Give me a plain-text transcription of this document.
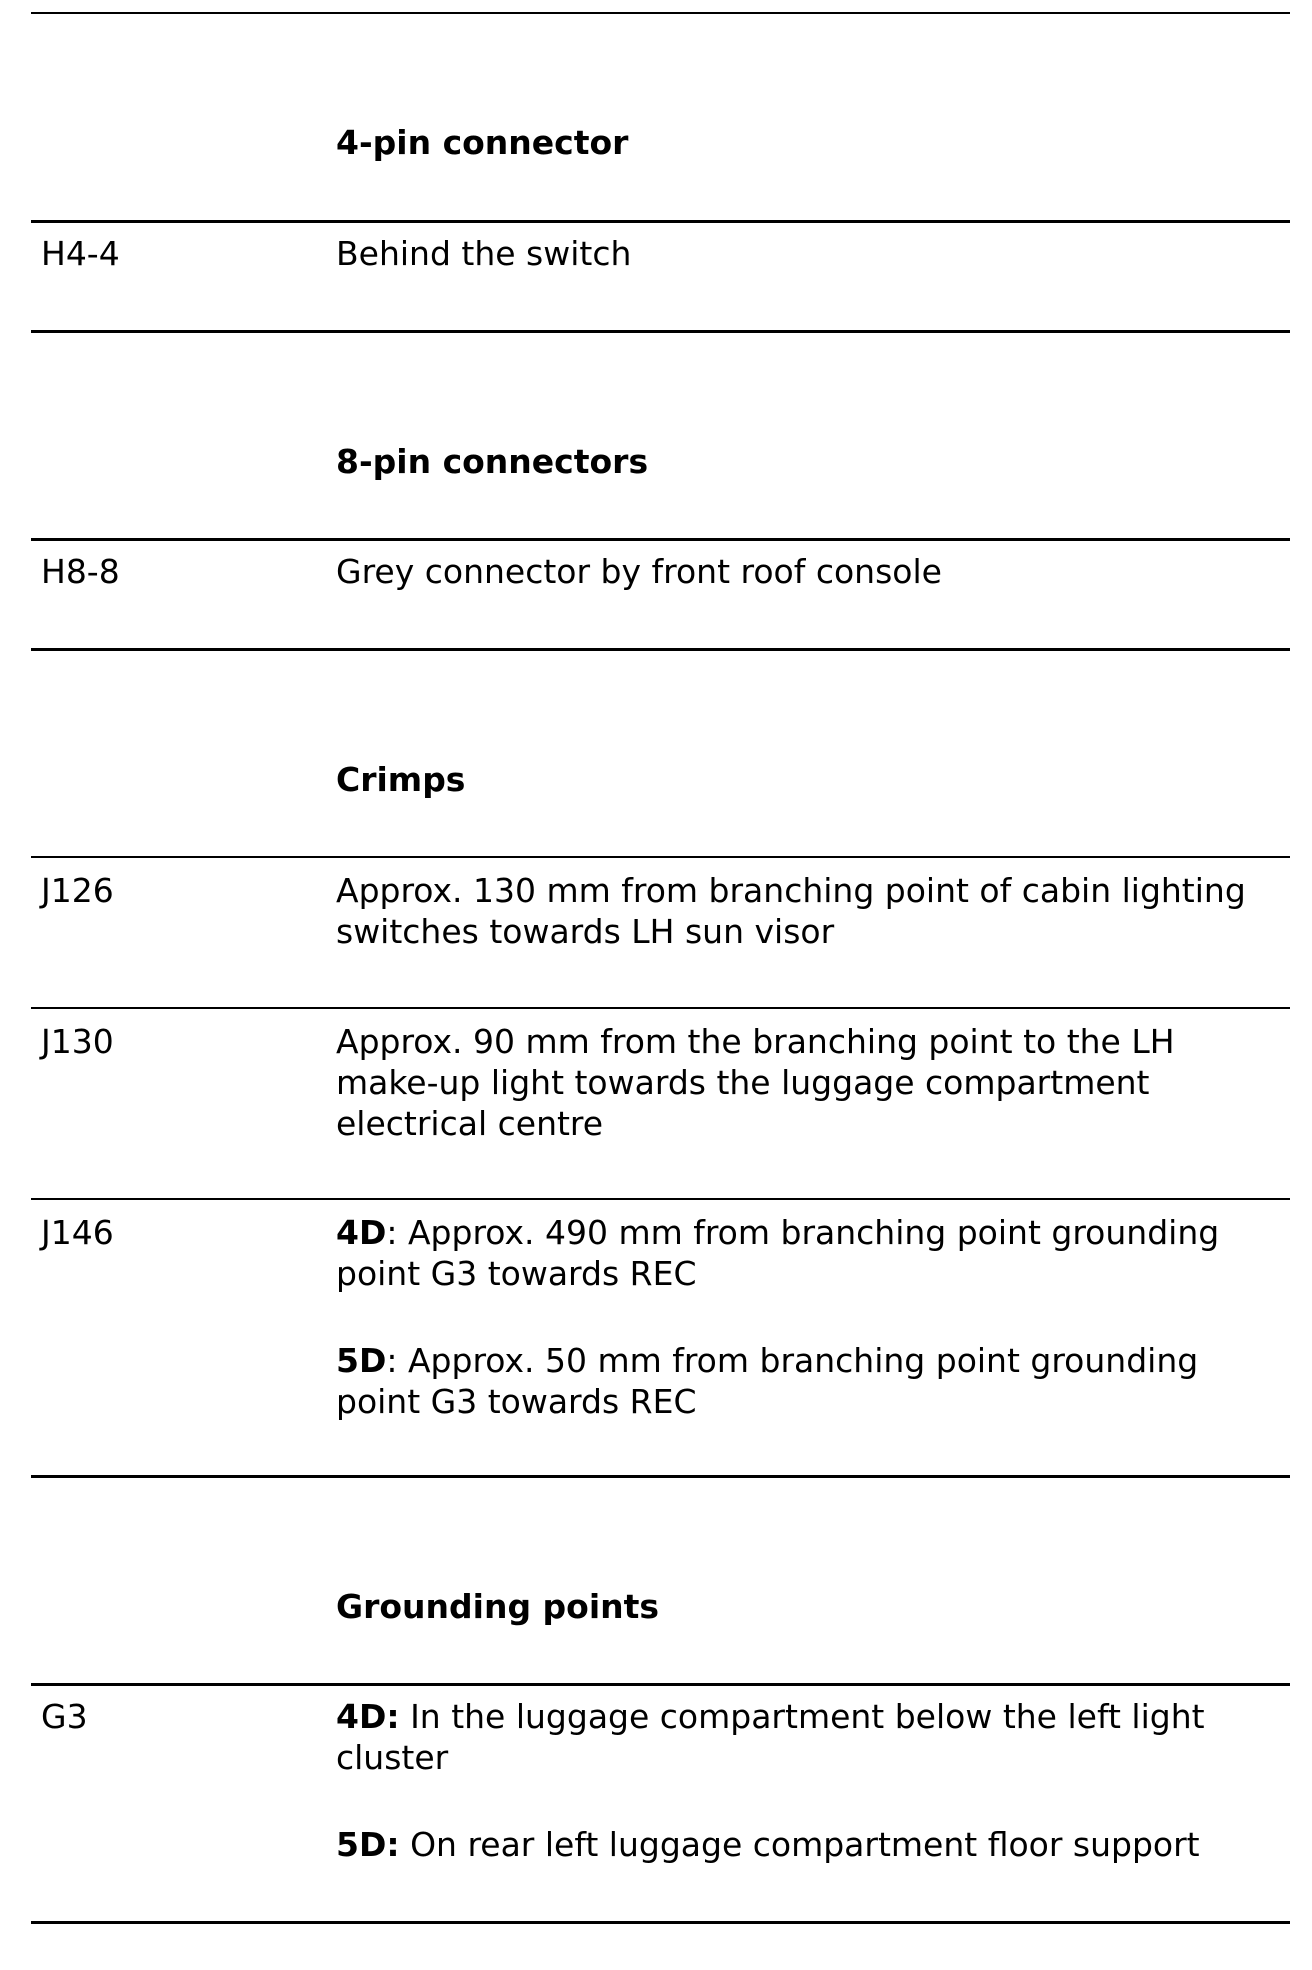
4-pin connector
H4-4	Behind the switch
8-pin connectors
H8-8	Grey connector by front roof console
Crimps
J126	Approx. 130 mm from branching point of cabin lighting switches towards LH sun visor
J130	Approx. 90 mm from the branching point to the LH make-up light towards the luggage compartment electrical centre
J146	4D: Approx. 490 mm from branching point grounding point G3 towards REC
5D: Approx. 50 mm from branching point grounding point G3 towards REC
Grounding points
G3	4D: In the luggage compartment below the left light cluster
5D: On rear left luggage compartment floor support
